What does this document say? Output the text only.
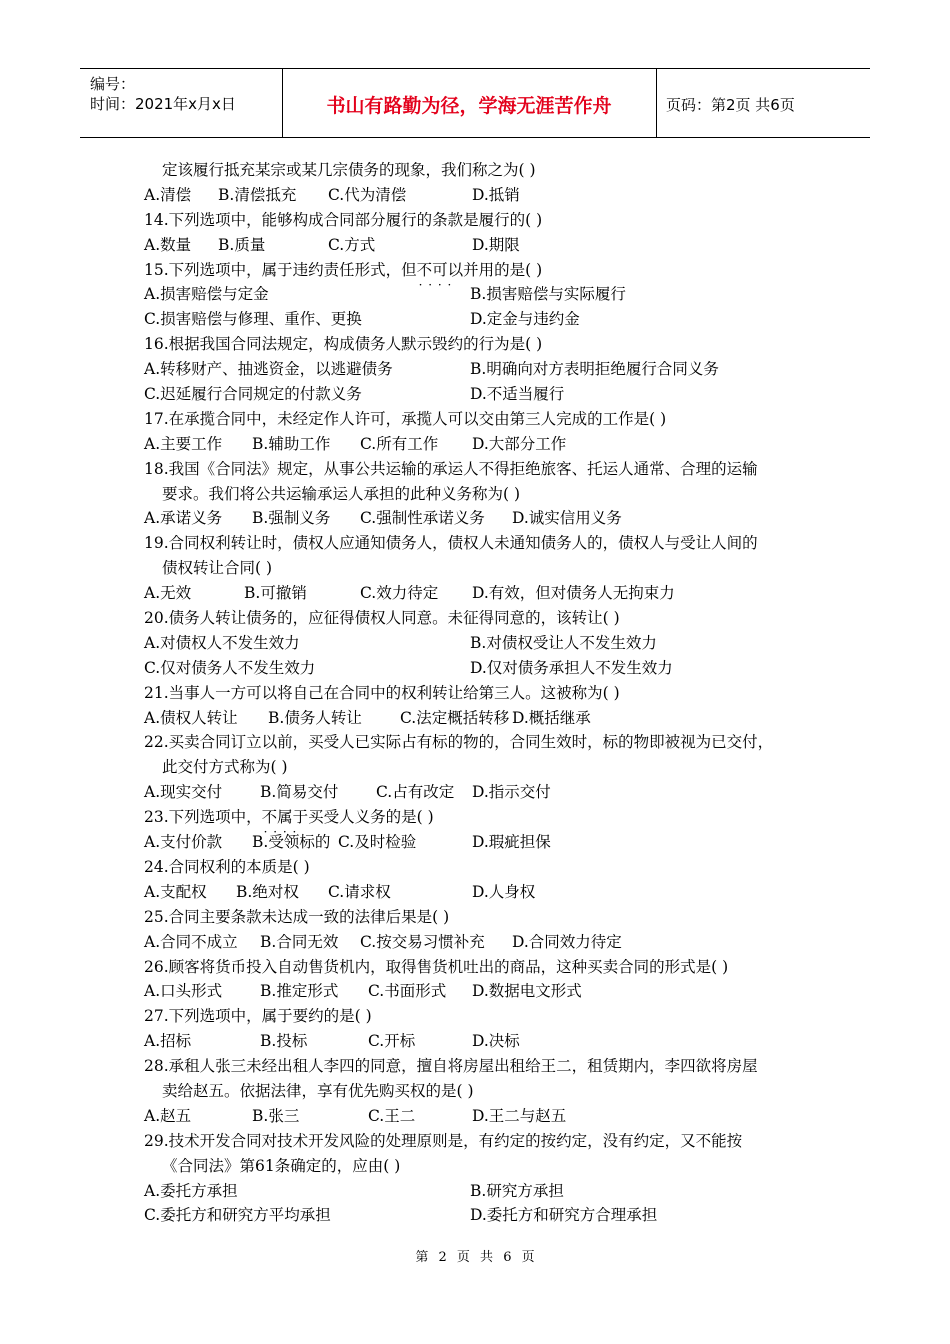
编号：
时间：2021年x月x日	书山有路勤为径，学海无涯苦作舟	页码：第2页 共6页
定该履行抵充某宗或某几宗债务的现象，我们称之为( )
A.清偿 B.清偿抵充 C.代为清偿	D.抵销
14.下列选项中，能够构成合同部分履行的条款是履行的( )
A.数量 B.质量	C.方式	D.期限
15.下列选项中，属于违约责任形式，但不可以 · · · ·并用的是( )
A.损害赔偿与定金	B.损害赔偿与实际履行
C.损害赔偿与修理、重作、更换	D.定金与违约金
16.根据我国合同法规定，构成债务人默示毁约的行为是( )
A.转移财产、抽逃资金，以逃避债务	B.明确向对方表明拒绝履行合同义务
C.迟延履行合同规定的付款义务	D.不适当履行
17.在承揽合同中，未经定作人许可，承揽人可以交由第三人完成的工作是( )
A.主要工作 B.辅助工作 C.所有工作 D.大部分工作
18.我国《合同法》规定，从事公共运输的承运人不得拒绝旅客、托运人通常、合理的运输
要求。我们将公共运输承运人承担的此种义务称为( )
A.承诺义务 B.强制义务 C.强制性承诺义务 D.诚实信用义务
19.合同权利转让时，债权人应通知债务人，债权人未通知债务人的，债权人与受让人间的
债权转让合同( )
A.无效	B.可撤销	C.效力待定 D.有效，但对债务人无拘束力
20.债务人转让债务的，应征得债权人同意。未征得同意的，该转让( )
A.对债权人不发生效力	B.对债权受让人不发生效力
C.仅对债务人不发生效力	D.仅对债务承担人不发生效力
21.当事人一方可以将自己在合同中的权利转让给第三人。这被称为( )
A.债权人转让 B.债务人转让 C.法定概括转移 D.概括继承
22.买卖合同订立以前，买受人已实际占有标的物的，合同生效时，标的物即被视为已交付，
此交付方式称为( )
A.现实交付 B.简易交付 C.占有改定 D.指示交付
23.下列选项中，不属于 · · · ·买受人义务的是( )
A.支付价款 B.受领标的 C.及时检验	D.瑕疵担保
24.合同权利的本质是( )
A.支配权 B.绝对权 C.请求权	D.人身权
25.合同主要条款未达成一致的法律后果是( )
A.合同不成立 B.合同无效 C.按交易习惯补充 D.合同效力待定
26.顾客将货币投入自动售货机内，取得售货机吐出的商品，这种买卖合同的形式是( )
A.口头形式 B.推定形式 C.书面形式 D.数据电文形式
27.下列选项中，属于要约的是( )
A.招标	B.投标	C.开标	D.决标
28.承租人张三未经出租人李四的同意，擅自将房屋出租给王二，租赁期内，李四欲将房屋
卖给赵五。依据法律，享有优先购买权的是( )
A.赵五	B.张三	C.王二	D.王二与赵五
29.技术开发合同对技术开发风险的处理原则是，有约定的按约定，没有约定，又不能按
《合同法》第61条确定的，应由( )
A.委托方承担	B.研究方承担
C.委托方和研究方平均承担	D.委托方和研究方合理承担
第 2 页 共 6 页
